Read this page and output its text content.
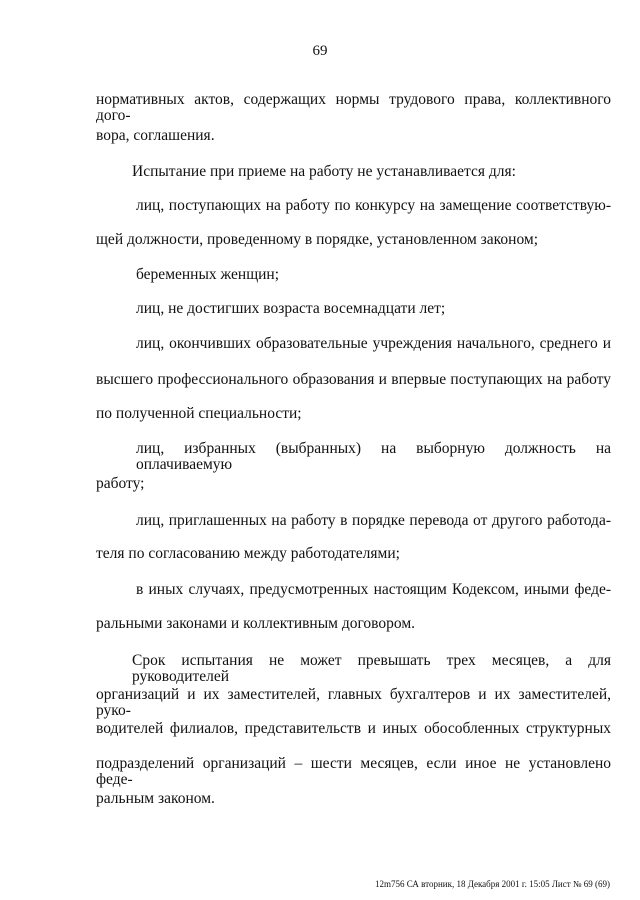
69
нормативных актов, содержащих нормы трудового права, коллективного дого-
вора, соглашения.
Испытание при приеме на работу не устанавливается для:
лиц, поступающих на работу по конкурсу на замещение соответствую-
щей должности, проведенному в порядке, установленном законом;
беременных женщин;
лиц, не достигших возраста восемнадцати лет;
лиц, окончивших образовательные учреждения начального, среднего и
высшего профессионального образования и впервые поступающих на работу
по полученной специальности;
лиц, избранных (выбранных) на выборную должность на оплачиваемую
работу;
лиц, приглашенных на работу в порядке перевода от другого работода-
теля по согласованию между работодателями;
в иных случаях, предусмотренных настоящим Кодексом, иными феде-
ральными законами и коллективным договором.
Срок испытания не может превышать трех месяцев, а для руководителей
организаций и их заместителей, главных бухгалтеров и их заместителей, руко-
водителей филиалов, представительств и иных обособленных структурных
подразделений организаций – шести месяцев, если иное не установлено феде-
ральным законом.
12m756 СА вторник, 18 Декабря 2001 г. 15:05 Лист № 69 (69)
